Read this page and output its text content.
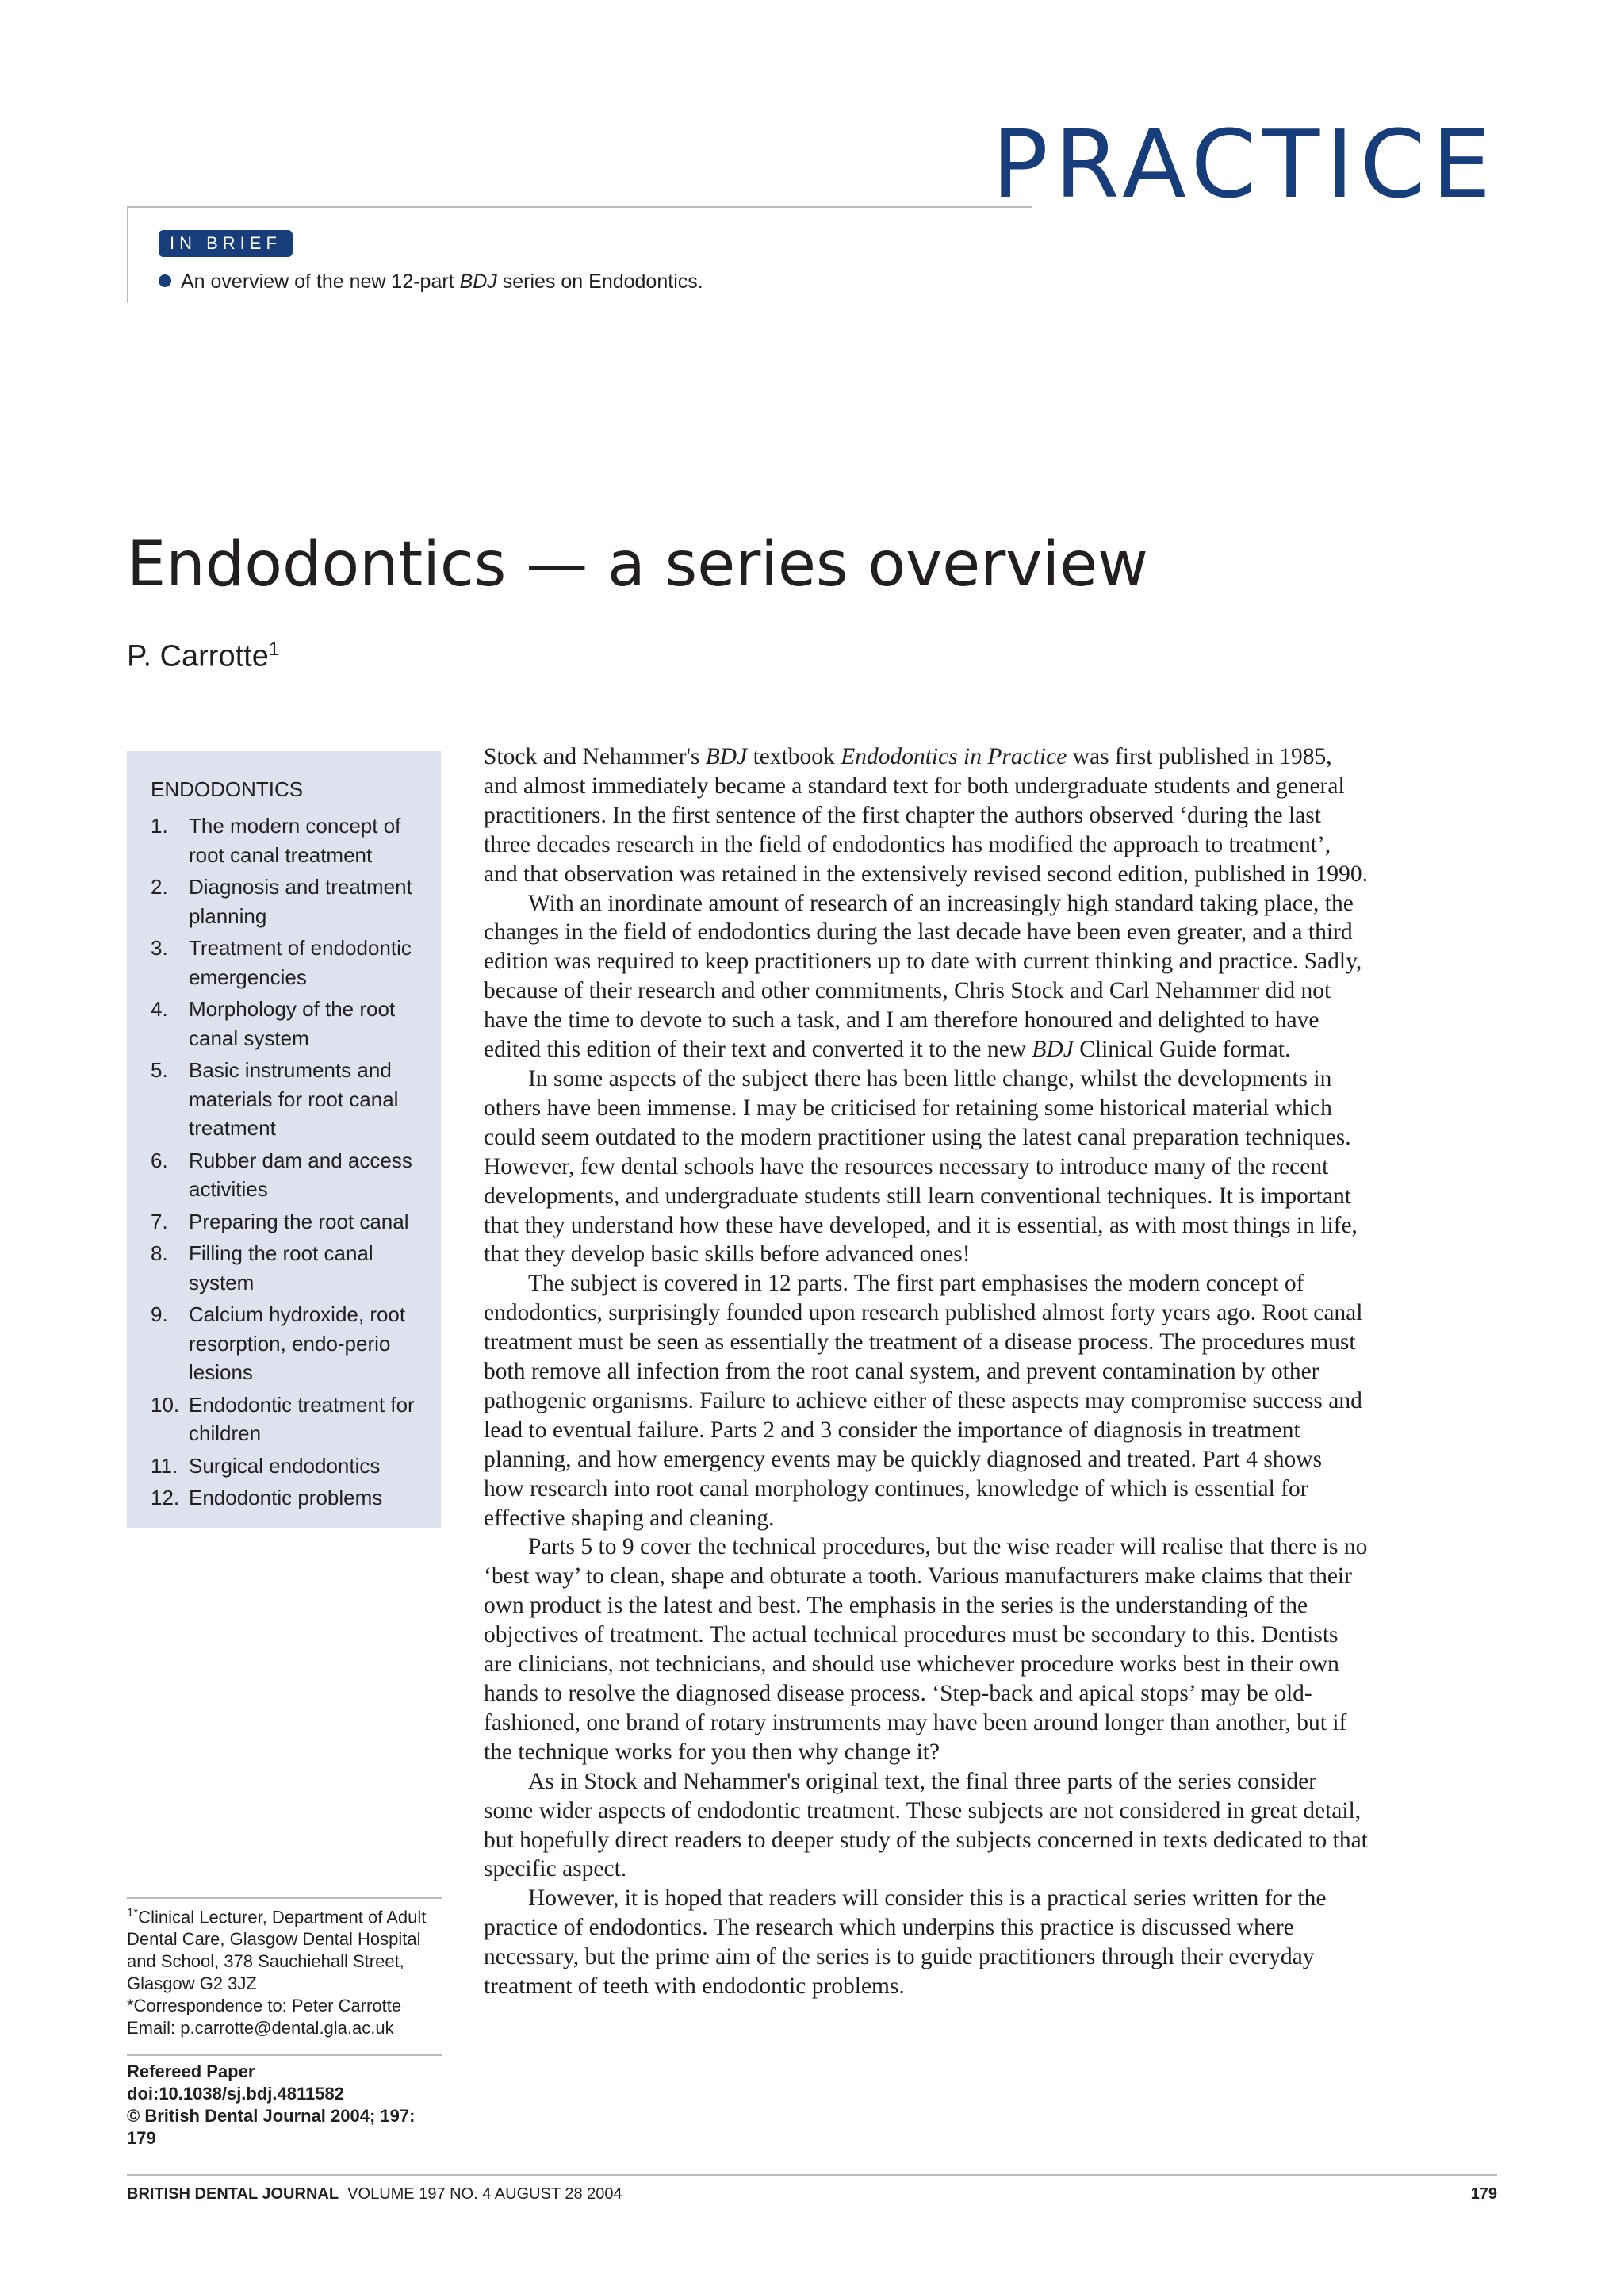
PRACTICE
IN BRIEF
An overview of the new 12-part BDJ series on Endodontics.
Endodontics — a series overview
P. Carrotte$^1$
ENDODONTICS
1.	The modern concept of root canal treatment
2.	Diagnosis and treatment planning
3.	Treatment of endodontic emergencies
4.	Morphology of the root canal system
5.	Basic instruments and materials for root canal treatment
6.	Rubber dam and access activities
7.	Preparing the root canal
8.	Filling the root canal system
9.	Calcium hydroxide, root resorption, endo-perio lesions
10. Endodontic treatment for children
11. Surgical endodontics
12. Endodontic problems

Stock and Nehammer's BDJ textbook Endodontics in Practice was first published in 1985, and almost immediately became a standard text for both undergraduate students and general practitioners. In the first sentence of the first chapter the authors observed ‘during the last three decades research in the field of endodontics has modified the approach to treatment’, and that observation was retained in the extensively revised second edition, published in 1990.

With an inordinate amount of research of an increasingly high standard taking place, the changes in the field of endodontics during the last decade have been even greater, and a third edition was required to keep practitioners up to date with current thinking and practice. Sadly, because of their research and other commitments, Chris Stock and Carl Nehammer did not have the time to devote to such a task, and I am therefore honoured and delighted to have edited this edition of their text and converted it to the new BDJ Clinical Guide format.

In some aspects of the subject there has been little change, whilst the developments in others have been immense. I may be criticised for retaining some historical material which could seem outdated to the modern practitioner using the latest canal preparation techniques. However, few dental schools have the resources necessary to introduce many of the recent developments, and undergraduate students still learn conventional techniques. It is important that they understand how these have developed, and it is essential, as with most things in life, that they develop basic skills before advanced ones!

The subject is covered in 12 parts. The first part emphasises the modern concept of endodontics, surprisingly founded upon research published almost forty years ago. Root canal treatment must be seen as essentially the treatment of a disease process. The procedures must both remove all infection from the root canal system, and prevent contamination by other pathogenic organisms. Failure to achieve either of these aspects may compromise success and lead to eventual failure. Parts 2 and 3 consider the importance of diagnosis in treatment planning, and how emergency events may be quickly diagnosed and treated. Part 4 shows how research into root canal morphology continues, knowledge of which is essential for effective shaping and cleaning.

Parts 5 to 9 cover the technical procedures, but the wise reader will realise that there is no ‘best way’ to clean, shape and obturate a tooth. Various manufacturers make claims that their own product is the latest and best. The emphasis in the series is the understanding of the objectives of treatment. The actual technical procedures must be secondary to this. Dentists are clinicians, not technicians, and should use whichever procedure works best in their own hands to resolve the diagnosed disease process. ‘Step-back and apical stops’ may be old-fashioned, one brand of rotary instruments may have been around longer than another, but if the technique works for you then why change it?

As in Stock and Nehammer's original text, the final three parts of the series consider some wider aspects of endodontic treatment. These subjects are not considered in great detail, but hopefully direct readers to deeper study of the subjects concerned in texts dedicated to that specific aspect.

However, it is hoped that readers will consider this is a practical series written for the practice of endodontics. The research which underpins this practice is discussed where necessary, but the prime aim of the series is to guide practitioners through their everyday treatment of teeth with endodontic problems.

$^{1*}$Clinical Lecturer, Department of Adult Dental Care, Glasgow Dental Hospital and School, 378 Sauchiehall Street, Glasgow G2 3JZ
*Correspondence to: Peter Carrotte
Email: p.carrotte@dental.gla.ac.uk
Refereed Paper
doi:10.1038/sj.bdj.4811582
© British Dental Journal 2004; 197: 179
BRITISH DENTAL JOURNAL VOLUME 197 NO. 4 AUGUST 28 2004	179
